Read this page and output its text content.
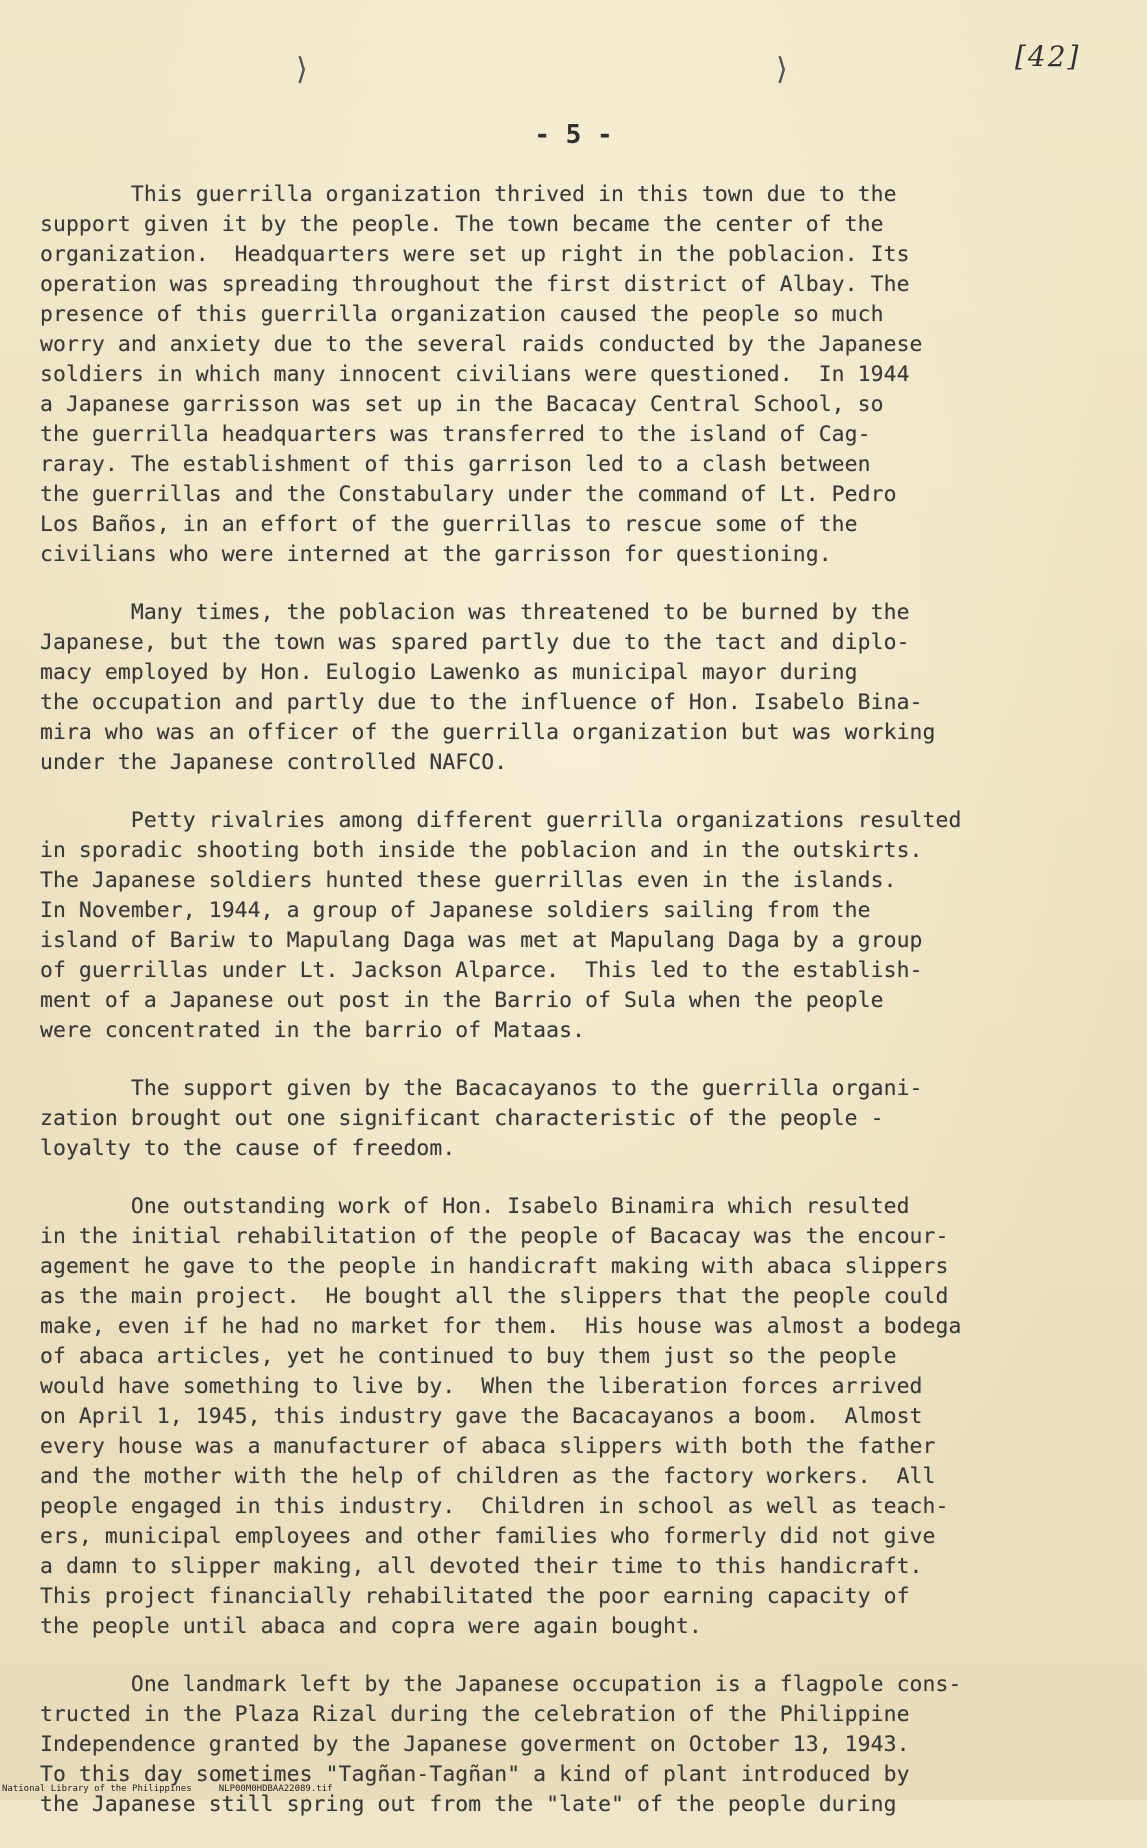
⟩	⟩	[42]
- 5 -
This guerrilla organization thrived in this town due to the
support given it by the people. The town became the center of the
organization.  Headquarters were set up right in the poblacion. Its
operation was spreading throughout the first district of Albay. The
presence of this guerrilla organization caused the people so much
worry and anxiety due to the several raids conducted by the Japanese
soldiers in which many innocent civilians were questioned.  In 1944
a Japanese garrisson was set up in the Bacacay Central School, so
the guerrilla headquarters was transferred to the island of Cag-
raray. The establishment of this garrison led to a clash between
the guerrillas and the Constabulary under the command of Lt. Pedro
Los Baños, in an effort of the guerrillas to rescue some of the
civilians who were interned at the garrisson for questioning.
Many times, the poblacion was threatened to be burned by the
Japanese, but the town was spared partly due to the tact and diplo-
macy employed by Hon. Eulogio Lawenko as municipal mayor during
the occupation and partly due to the influence of Hon. Isabelo Bina-
mira who was an officer of the guerrilla organization but was working
under the Japanese controlled NAFCO.
Petty rivalries among different guerrilla organizations resulted
in sporadic shooting both inside the poblacion and in the outskirts.
The Japanese soldiers hunted these guerrillas even in the islands.
In November, 1944, a group of Japanese soldiers sailing from the
island of Bariw to Mapulang Daga was met at Mapulang Daga by a group
of guerrillas under Lt. Jackson Alparce.  This led to the establish-
ment of a Japanese out post in the Barrio of Sula when the people
were concentrated in the barrio of Mataas.
The support given by the Bacacayanos to the guerrilla organi-
zation brought out one significant characteristic of the people -
loyalty to the cause of freedom.
One outstanding work of Hon. Isabelo Binamira which resulted
in the initial rehabilitation of the people of Bacacay was the encour-
agement he gave to the people in handicraft making with abaca slippers
as the main project.  He bought all the slippers that the people could
make, even if he had no market for them.  His house was almost a bodega
of abaca articles, yet he continued to buy them just so the people
would have something to live by.  When the liberation forces arrived
on April 1, 1945, this industry gave the Bacacayanos a boom.  Almost
every house was a manufacturer of abaca slippers with both the father
and the mother with the help of children as the factory workers.  All
people engaged in this industry.  Children in school as well as teach-
ers, municipal employees and other families who formerly did not give
a damn to slipper making, all devoted their time to this handicraft.
This project financially rehabilitated the poor earning capacity of
the people until abaca and copra were again bought.
One landmark left by the Japanese occupation is a flagpole cons-
tructed in the Plaza Rizal during the celebration of the Philippine
Independence granted by the Japanese goverment on October 13, 1943.
To this day sometimes "Tagñan-Tagñan" a kind of plant introduced by
the Japanese still spring out from the "late" of the people during
National Library of the Philippines     NLP00M0HDBAA22089.tif
